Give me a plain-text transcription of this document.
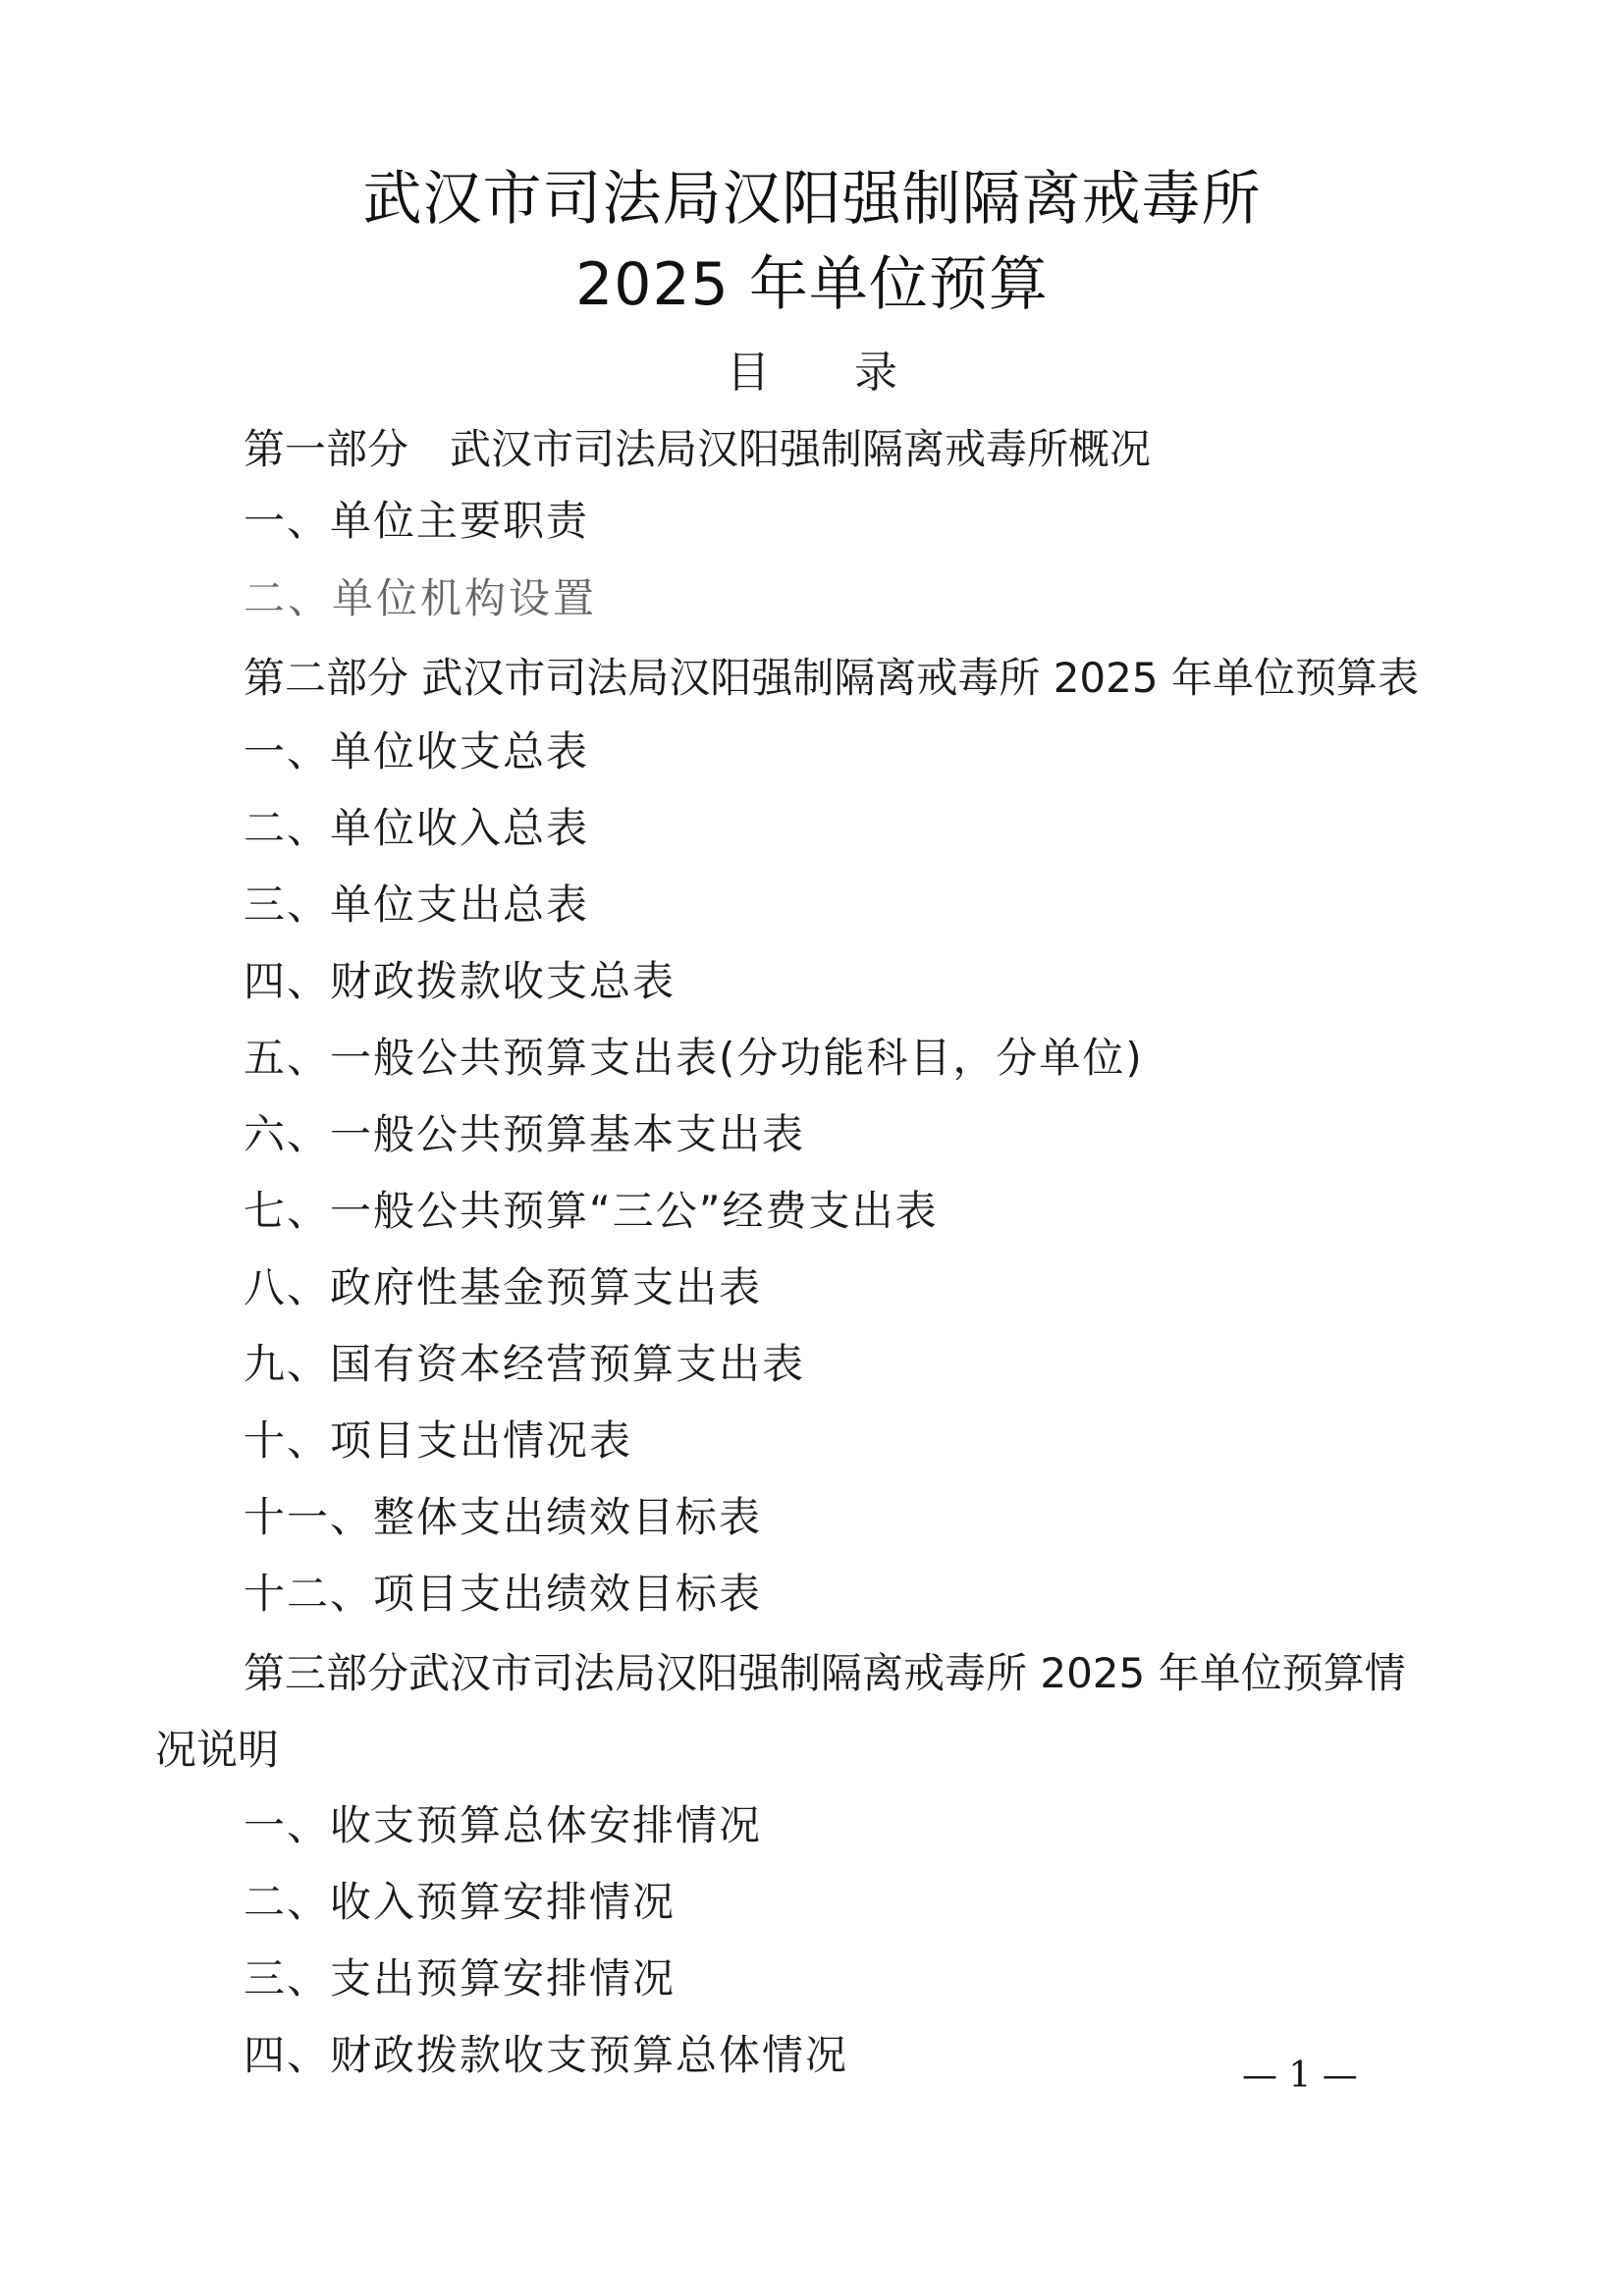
武汉市司法局汉阳强制隔离戒毒所
2025 年单位预算
目 录
第一部分　武汉市司法局汉阳强制隔离戒毒所概况
一、单位主要职责
二、单位机构设置
第二部分 武汉市司法局汉阳强制隔离戒毒所 2025 年单位预算表
一、单位收支总表
二、单位收入总表
三、单位支出总表
四、财政拨款收支总表
五、一般公共预算支出表(分功能科目，分单位)
六、一般公共预算基本支出表
七、一般公共预算“三公”经费支出表
八、政府性基金预算支出表
九、国有资本经营预算支出表
十、项目支出情况表
十一、整体支出绩效目标表
十二、项目支出绩效目标表
第三部分武汉市司法局汉阳强制隔离戒毒所 2025 年单位预算情
况说明
一、收支预算总体安排情况
二、收入预算安排情况
三、支出预算安排情况
四、财政拨款收支预算总体情况	— 1 —
